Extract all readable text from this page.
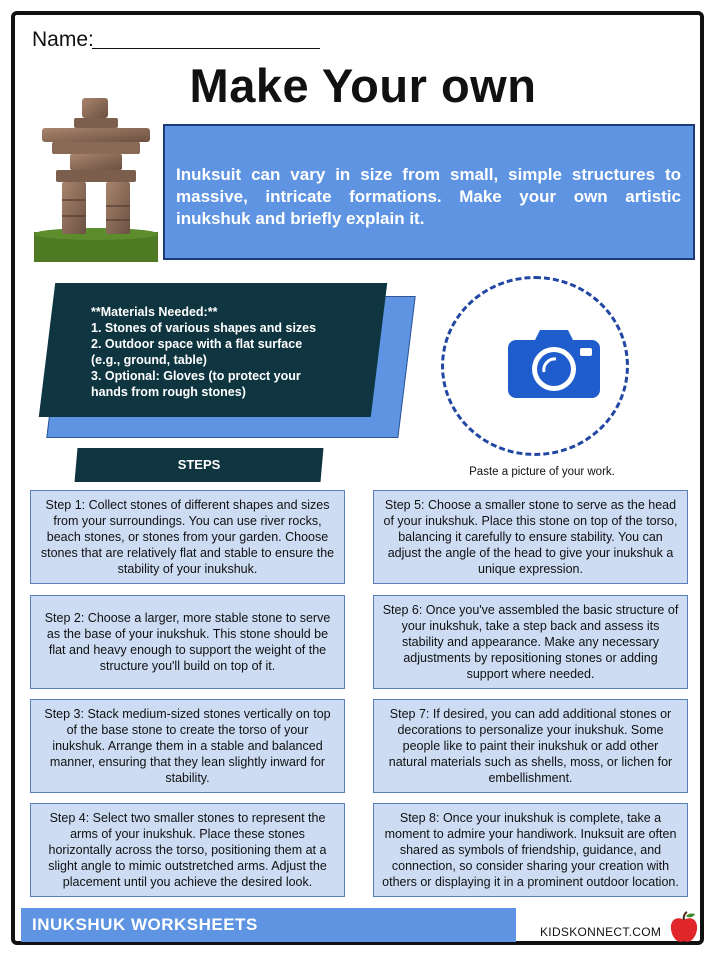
Name:
Make Your own
Inuksuit can vary in size from small, simple structures to massive, intricate formations. Make your own artistic inukshuk and briefly explain it.
**Materials Needed:**
1. Stones of various shapes and sizes
2. Outdoor space with a flat surface
(e.g., ground, table)
3. Optional: Gloves (to protect your
hands from rough stones)
STEPS	Paste a picture of your work.
Step 1: Collect stones of different shapes and sizes from your surroundings. You can use river rocks, beach stones, or stones from your garden. Choose stones that are relatively flat and stable to ensure the stability of your inukshuk.
Step 2: Choose a larger, more stable stone to serve as the base of your inukshuk. This stone should be flat and heavy enough to support the weight of the structure you'll build on top of it.
Step 3: Stack medium-sized stones vertically on top of the base stone to create the torso of your inukshuk. Arrange them in a stable and balanced manner, ensuring that they lean slightly inward for stability.
Step 4: Select two smaller stones to represent the arms of your inukshuk. Place these stones horizontally across the torso, positioning them at a slight angle to mimic outstretched arms. Adjust the placement until you achieve the desired look.
Step 5: Choose a smaller stone to serve as the head of your inukshuk. Place this stone on top of the torso, balancing it carefully to ensure stability. You can adjust the angle of the head to give your inukshuk a unique expression.
Step 6: Once you've assembled the basic structure of your inukshuk, take a step back and assess its stability and appearance. Make any necessary adjustments by repositioning stones or adding support where needed.
Step 7: If desired, you can add additional stones or decorations to personalize your inukshuk. Some people like to paint their inukshuk or add other natural materials such as shells, moss, or lichen for embellishment.
Step 8: Once your inukshuk is complete, take a moment to admire your handiwork. Inuksuit are often shared as symbols of friendship, guidance, and connection, so consider sharing your creation with others or displaying it in a prominent outdoor location.
INUKSHUK WORKSHEETS	KIDSKONNECT.COM
